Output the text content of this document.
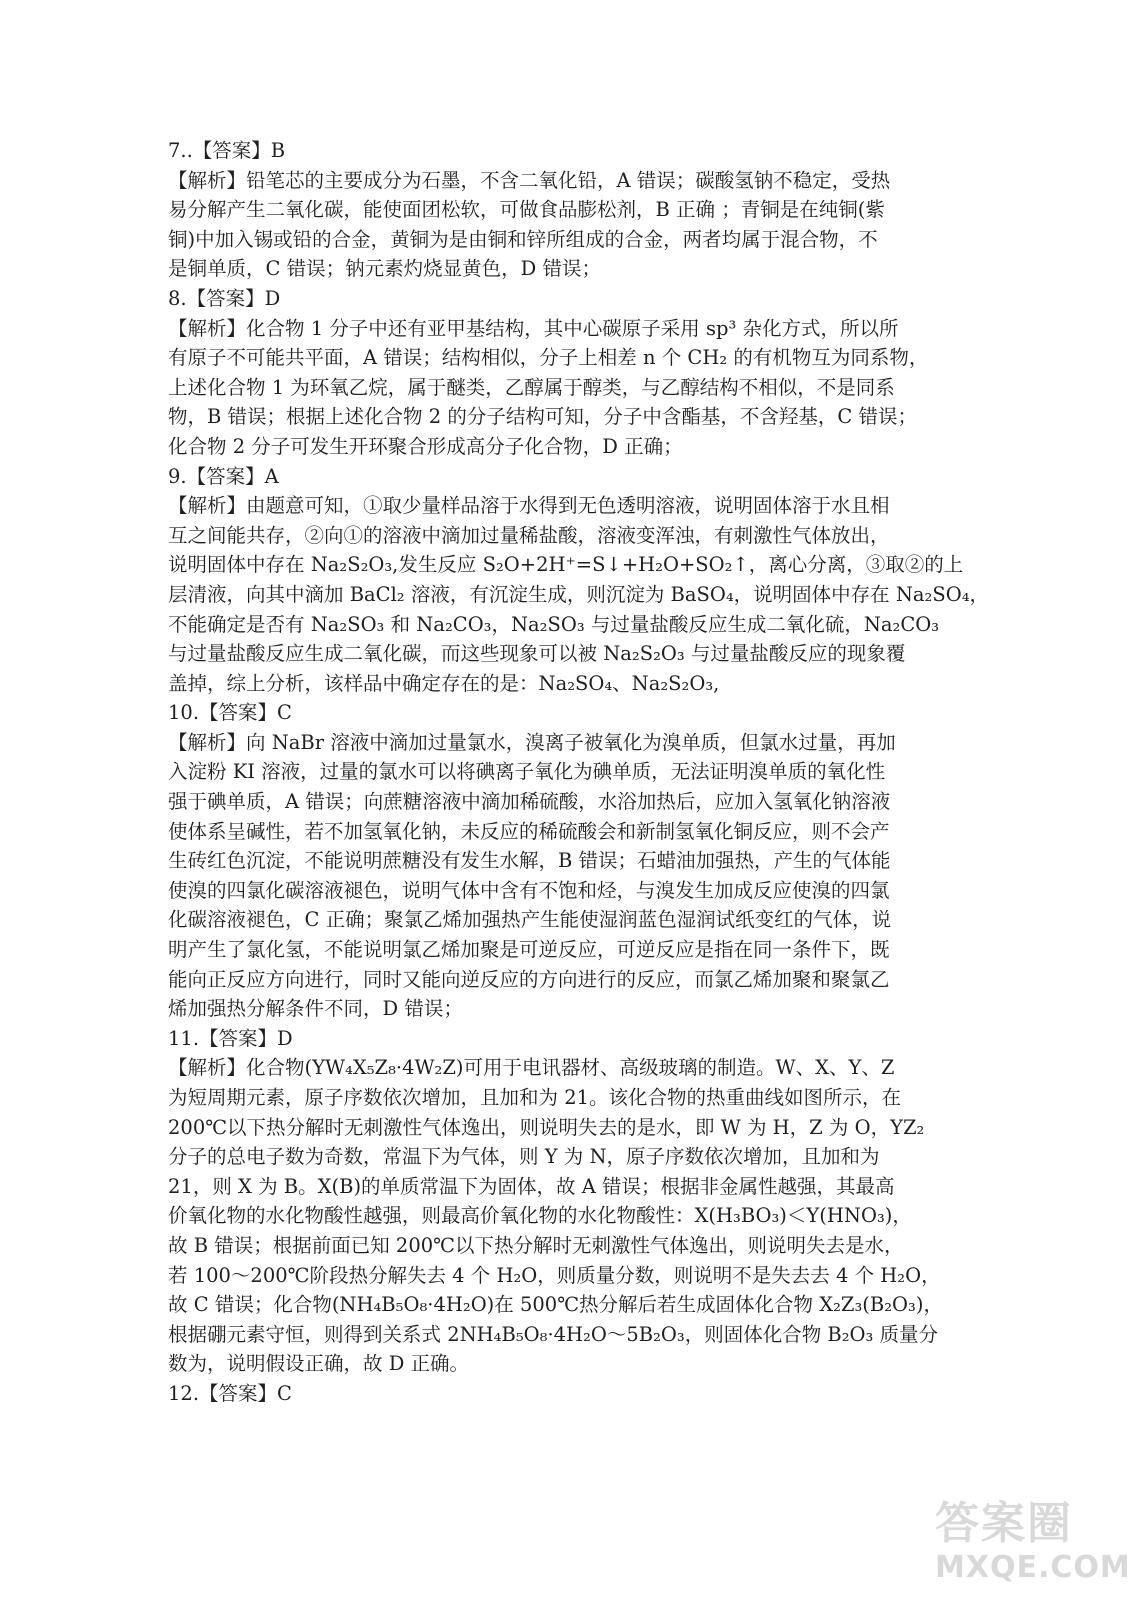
7..【答案】B
【解析】铅笔芯的主要成分为石墨，不含二氧化铅，A 错误；碳酸氢钠不稳定，受热
易分解产生二氧化碳，能使面团松软，可做食品膨松剂，B 正确 ；青铜是在纯铜(紫
铜)中加入锡或铅的合金，黄铜为是由铜和锌所组成的合金，两者均属于混合物，不
是铜单质，C 错误；钠元素灼烧显黄色，D 错误；
8.【答案】D
【解析】化合物 1 分子中还有亚甲基结构，其中心碳原子采用 sp³ 杂化方式，所以所
有原子不可能共平面，A 错误；结构相似，分子上相差 n 个 CH₂ 的有机物互为同系物，
上述化合物 1 为环氧乙烷，属于醚类，乙醇属于醇类，与乙醇结构不相似，不是同系
物，B 错误；根据上述化合物 2 的分子结构可知，分子中含酯基，不含羟基，C 错误；
化合物 2 分子可发生开环聚合形成高分子化合物，D 正确；
9.【答案】A
【解析】由题意可知，①取少量样品溶于水得到无色透明溶液，说明固体溶于水且相
互之间能共存，②向①的溶液中滴加过量稀盐酸，溶液变浑浊，有刺激性气体放出，
说明固体中存在 Na₂S₂O₃,发生反应 S₂O+2H⁺=S↓+H₂O+SO₂↑，离心分离，③取②的上
层清液，向其中滴加 BaCl₂ 溶液，有沉淀生成，则沉淀为 BaSO₄，说明固体中存在 Na₂SO₄，
不能确定是否有 Na₂SO₃ 和 Na₂CO₃，Na₂SO₃ 与过量盐酸反应生成二氧化硫，Na₂CO₃
与过量盐酸反应生成二氧化碳，而这些现象可以被 Na₂S₂O₃ 与过量盐酸反应的现象覆
盖掉，综上分析，该样品中确定存在的是：Na₂SO₄、Na₂S₂O₃,
10.【答案】C
【解析】向 NaBr 溶液中滴加过量氯水，溴离子被氧化为溴单质，但氯水过量，再加
入淀粉 KI 溶液，过量的氯水可以将碘离子氧化为碘单质，无法证明溴单质的氧化性
强于碘单质，A 错误；向蔗糖溶液中滴加稀硫酸，水浴加热后，应加入氢氧化钠溶液
使体系呈碱性，若不加氢氧化钠，未反应的稀硫酸会和新制氢氧化铜反应，则不会产
生砖红色沉淀，不能说明蔗糖没有发生水解，B 错误；石蜡油加强热，产生的气体能
使溴的四氯化碳溶液褪色，说明气体中含有不饱和烃，与溴发生加成反应使溴的四氯
化碳溶液褪色，C 正确；聚氯乙烯加强热产生能使湿润蓝色湿润试纸变红的气体，说
明产生了氯化氢，不能说明氯乙烯加聚是可逆反应，可逆反应是指在同一条件下，既
能向正反应方向进行，同时又能向逆反应的方向进行的反应，而氯乙烯加聚和聚氯乙
烯加强热分解条件不同，D 错误；
11.【答案】D
【解析】化合物(YW₄X₅Z₈·4W₂Z)可用于电讯器材、高级玻璃的制造。W、X、Y、Z
为短周期元素，原子序数依次增加，且加和为 21。该化合物的热重曲线如图所示，在
200℃以下热分解时无刺激性气体逸出，则说明失去的是水，即 W 为 H，Z 为 O，YZ₂
分子的总电子数为奇数，常温下为气体，则 Y 为 N，原子序数依次增加，且加和为
21，则 X 为 B。X(B)的单质常温下为固体，故 A 错误；根据非金属性越强，其最高
价氧化物的水化物酸性越强，则最高价氧化物的水化物酸性：X(H₃BO₃)＜Y(HNO₃)，
故 B 错误；根据前面已知 200℃以下热分解时无刺激性气体逸出，则说明失去是水，
若 100～200℃阶段热分解失去 4 个 H₂O，则质量分数，则说明不是失去去 4 个 H₂O，
故 C 错误；化合物(NH₄B₅O₈·4H₂O)在 500℃热分解后若生成固体化合物 X₂Z₃(B₂O₃)，
根据硼元素守恒，则得到关系式 2NH₄B₅O₈·4H₂O～5B₂O₃，则固体化合物 B₂O₃ 质量分
数为，说明假设正确，故 D 正确。
12.【答案】C
答案圈
MXQE.COM
